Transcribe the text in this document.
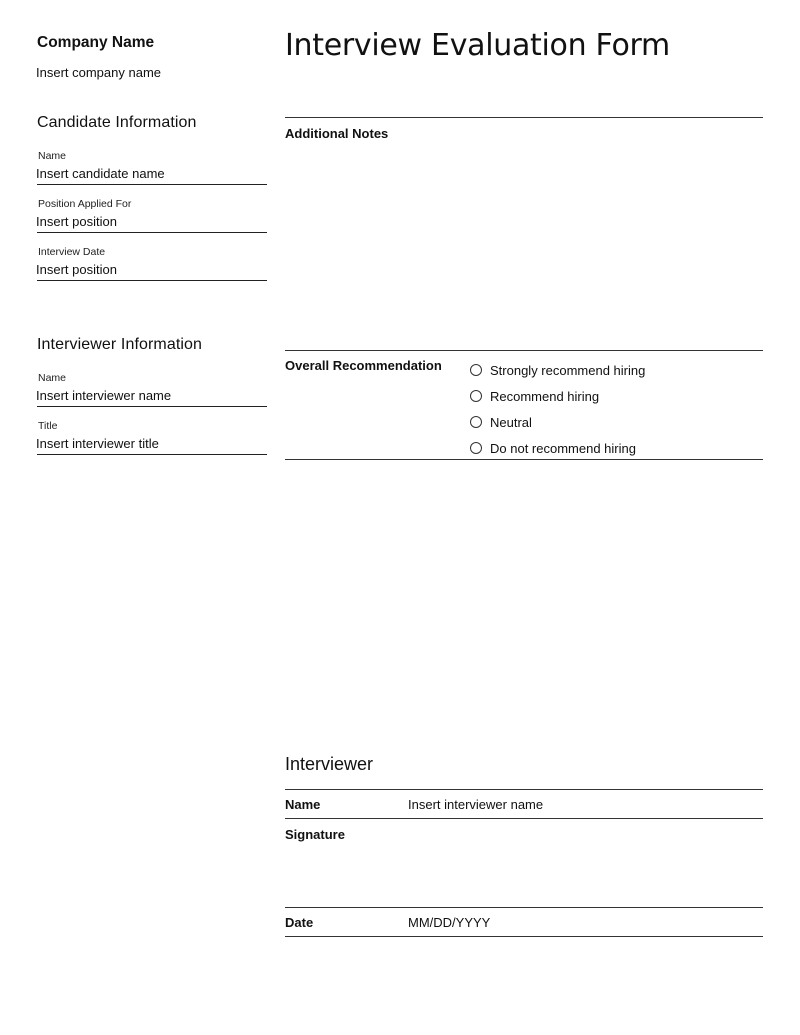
Company Name
Insert company name
Candidate Information
Name
Insert candidate name
Position Applied For
Insert position
Interview Date
Insert position
Interviewer Information
Name
Insert interviewer name
Title
Insert interviewer title
Interview Evaluation Form
Additional Notes
Overall Recommendation	Strongly recommend hiring
Recommend hiring
Neutral
Do not recommend hiring
Interviewer
Name	Insert interviewer name
Signature
Date	MM/DD/YYYY
